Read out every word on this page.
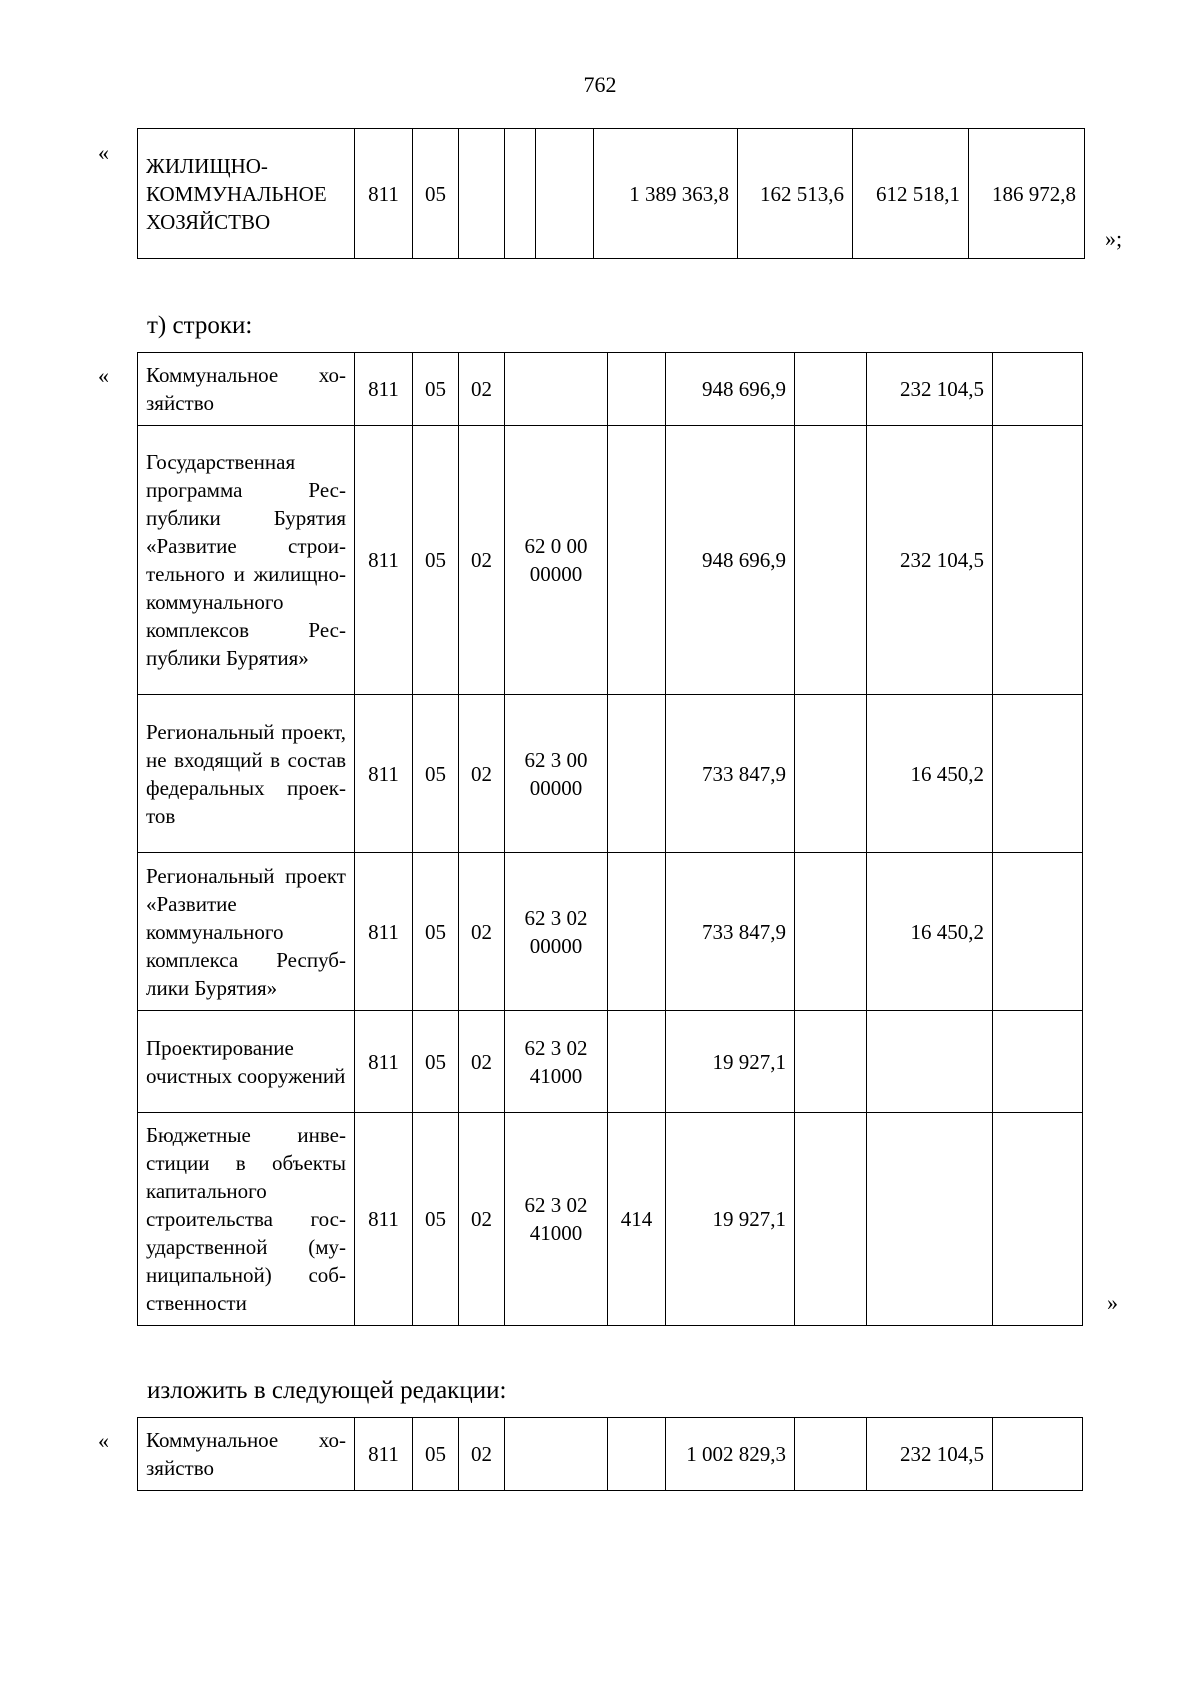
762
«
ЖИЛИЩНО-КОММУНАЛЬНОЕ ХОЗЯЙСТВО	811	05				1 389 363,8	162 513,6	612 518,1	186 972,8
»;
т) строки:
« Коммунальное хозяйство	811	05	02			948 696,9		232 104,5	
Государственная программа Республики Бурятия «Развитие строительного и жилищно-коммунального комплексов Республики Бурятия»	811	05	02	62 0 00 00000		948 696,9		232 104,5	
Региональный проект, не входящий в состав федеральных проектов	811	05	02	62 3 00 00000		733 847,9		16 450,2	
Региональный проект «Развитие коммунального комплекса Республики Бурятия»	811	05	02	62 3 02 00000		733 847,9		16 450,2	
Проектирование очистных сооружений	811	05	02	62 3 02 41000		19 927,1			
Бюджетные инвестиции в объекты капитального строительства государственной (муниципальной) собственности	811	05	02	62 3 02 41000	414	19 927,1			
»
изложить в следующей редакции:
« Коммунальное хозяйство	811	05	02			1 002 829,3		232 104,5	
